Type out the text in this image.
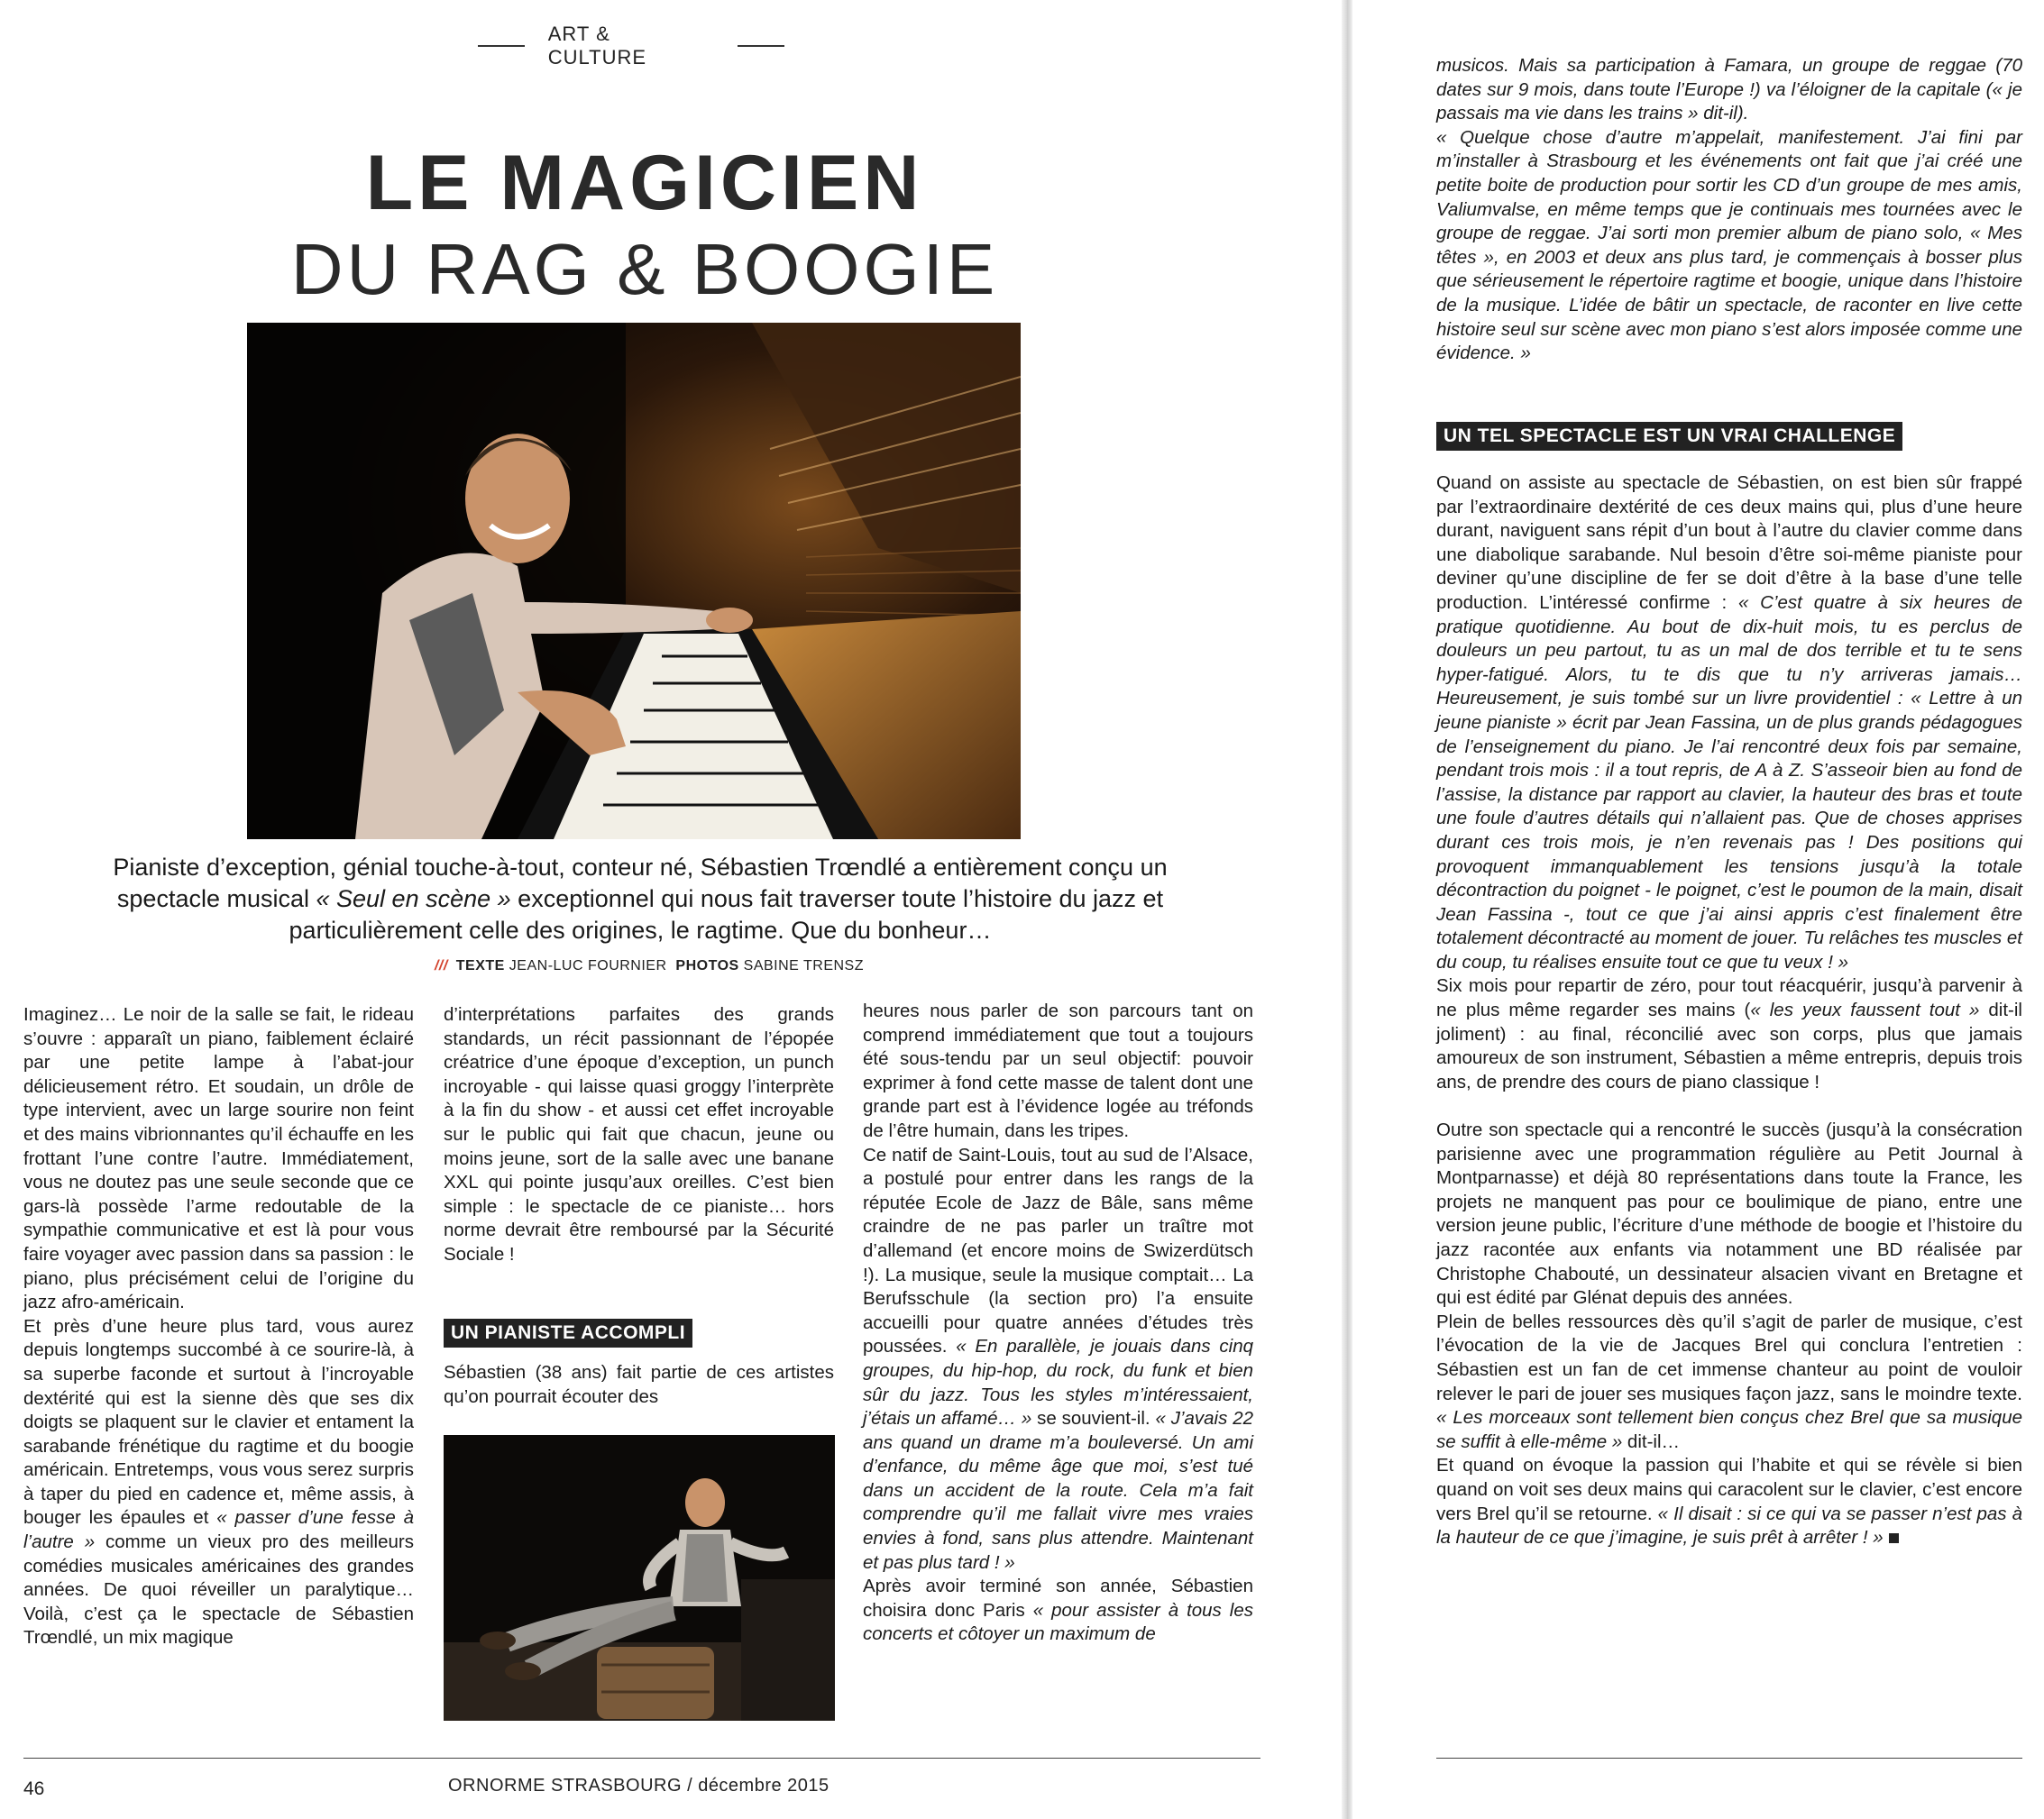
ART & CULTURE
LE MAGICIEN
DU RAG & BOOGIE
Pianiste d’exception, génial touche-à-tout, conteur né, Sébastien Trœndlé a entièrement conçu un spectacle musical « Seul en scène » exceptionnel qui nous fait traverser toute l’histoire du jazz et particulièrement celle des origines, le ragtime. Que du bonheur…
/// TEXTE JEAN-LUC FOURNIER PHOTOS SABINE TRENSZ

Imaginez… Le noir de la salle se fait, le rideau s’ouvre : apparaît un piano, faiblement éclairé par une petite lampe à l’abat-jour délicieusement rétro. Et soudain, un drôle de type intervient, avec un large sourire non feint et des mains vibrionnantes qu’il échauffe en les frottant l’une contre l’autre. Immédiatement, vous ne doutez pas une seule seconde que ce gars-là possède l’arme redoutable de la sympathie communicative et est là pour vous faire voyager avec passion dans sa passion : le piano, plus précisément celui de l’origine du jazz afro-américain.

Et près d’une heure plus tard, vous aurez depuis longtemps succombé à ce sourire-là, à sa superbe faconde et surtout à l’incroyable dextérité qui est la sienne dès que ses dix doigts se plaquent sur le clavier et entament la sarabande frénétique du ragtime et du boogie américain. Entretemps, vous vous serez surpris à taper du pied en cadence et, même assis, à bouger les épaules et « passer d’une fesse à l’autre » comme un vieux pro des meilleurs comédies musicales américaines des grandes années. De quoi réveiller un paralytique… Voilà, c’est ça le spectacle de Sébastien Trœndlé, un mix magique

d’interprétations parfaites des grands standards, un récit passionnant de l’épopée créatrice d’une époque d’exception, un punch incroyable - qui laisse quasi groggy l’interprète à la fin du show - et aussi cet effet incroyable sur le public qui fait que chacun, jeune ou moins jeune, sort de la salle avec une banane XXL qui pointe jusqu’aux oreilles. C’est bien simple : le spectacle de ce pianiste… hors norme devrait être remboursé par la Sécurité Sociale !

UN PIANISTE ACCOMPLI

Sébastien (38 ans) fait partie de ces artistes qu’on pourrait écouter des

heures nous parler de son parcours tant on comprend immédiatement que tout a toujours été sous-tendu par un seul objectif: pouvoir exprimer à fond cette masse de talent dont une grande part est à l’évidence logée au tréfonds de l’être humain, dans les tripes.

Ce natif de Saint-Louis, tout au sud de l’Alsace, a postulé pour entrer dans les rangs de la réputée Ecole de Jazz de Bâle, sans même craindre de ne pas parler un traître mot d’allemand (et encore moins de Swizerdütsch !). La musique, seule la musique comptait… La Berufsschule (la section pro) l’a ensuite accueilli pour quatre années d’études très poussées. « En parallèle, je jouais dans cinq groupes, du hip-hop, du rock, du funk et bien sûr du jazz. Tous les styles m’intéressaient, j’étais un affamé… » se souvient-il. « J’avais 22 ans quand un drame m’a bouleversé. Un ami d’enfance, du même âge que moi, s’est tué dans un accident de la route. Cela m’a fait comprendre qu’il me fallait vivre mes vraies envies à fond, sans plus attendre. Maintenant et pas plus tard ! »

Après avoir terminé son année, Sébastien choisira donc Paris « pour assister à tous les concerts et côtoyer un maximum de

46	ORNORME STRASBOURG / décembre 2015

musicos. Mais sa participation à Famara, un groupe de reggae (70 dates sur 9 mois, dans toute l’Europe !) va l’éloigner de la capitale (« je passais ma vie dans les trains » dit-il).

« Quelque chose d’autre m’appelait, manifestement. J’ai fini par m’installer à Strasbourg et les événements ont fait que j’ai créé une petite boite de production pour sortir les CD d’un groupe de mes amis, Valiumvalse, en même temps que je continuais mes tournées avec le groupe de reggae. J’ai sorti mon premier album de piano solo, « Mes têtes », en 2003 et deux ans plus tard, je commençais à bosser plus que sérieusement le répertoire ragtime et boogie, unique dans l’histoire de la musique. L’idée de bâtir un spectacle, de raconter en live cette histoire seul sur scène avec mon piano s’est alors imposée comme une évidence. »

UN TEL SPECTACLE EST UN VRAI CHALLENGE

Quand on assiste au spectacle de Sébastien, on est bien sûr frappé par l’extraordinaire dextérité de ces deux mains qui, plus d’une heure durant, naviguent sans répit d’un bout à l’autre du clavier comme dans une diabolique sarabande. Nul besoin d’être soi-même pianiste pour deviner qu’une discipline de fer se doit d’être à la base d’une telle production. L’intéressé confirme : « C’est quatre à six heures de pratique quotidienne. Au bout de dix-huit mois, tu es perclus de douleurs un peu partout, tu as un mal de dos terrible et tu te sens hyper-fatigué. Alors, tu te dis que tu n’y arriveras jamais… Heureusement, je suis tombé sur un livre providentiel : « Lettre à un jeune pianiste » écrit par Jean Fassina, un de plus grands pédagogues de l’enseignement du piano. Je l’ai rencontré deux fois par semaine, pendant trois mois : il a tout repris, de A à Z. S’asseoir bien au fond de l’assise, la distance par rapport au clavier, la hauteur des bras et toute une foule d’autres détails qui n’allaient pas. Que de choses apprises durant ces trois mois, je n’en revenais pas ! Des positions qui provoquent immanquablement les tensions jusqu’à la totale décontraction du poignet - le poignet, c’est le poumon de la main, disait Jean Fassina -, tout ce que j’ai ainsi appris c’est finalement être totalement décontracté au moment de jouer. Tu relâches tes muscles et du coup, tu réalises ensuite tout ce que tu veux ! »

Six mois pour repartir de zéro, pour tout réacquérir, jusqu’à parvenir à ne plus même regarder ses mains (« les yeux faussent tout » dit-il joliment) : au final, réconcilié avec son corps, plus que jamais amoureux de son instrument, Sébastien a même entrepris, depuis trois ans, de prendre des cours de piano classique !

Outre son spectacle qui a rencontré le succès (jusqu’à la consécration parisienne avec une programmation régulière au Petit Journal à Montparnasse) et déjà 80 représentations dans toute la France, les projets ne manquent pas pour ce boulimique de piano, entre une version jeune public, l’écriture d’une méthode de boogie et l’histoire du jazz racontée aux enfants via notamment une BD réalisée par Christophe Chabouté, un dessinateur alsacien vivant en Bretagne et qui est édité par Glénat depuis des années.

Plein de belles ressources dès qu’il s’agit de parler de musique, c’est l’évocation de la vie de Jacques Brel qui conclura l’entretien : Sébastien est un fan de cet immense chanteur au point de vouloir relever le pari de jouer ses musiques façon jazz, sans le moindre texte. « Les morceaux sont tellement bien conçus chez Brel que sa musique se suffit à elle-même » dit-il…

Et quand on évoque la passion qui l’habite et qui se révèle si bien quand on voit ses deux mains qui caracolent sur le clavier, c’est encore vers Brel qu’il se retourne. « Il disait : si ce qui va se passer n’est pas à la hauteur de ce que j’imagine, je suis prêt à arrêter ! »
